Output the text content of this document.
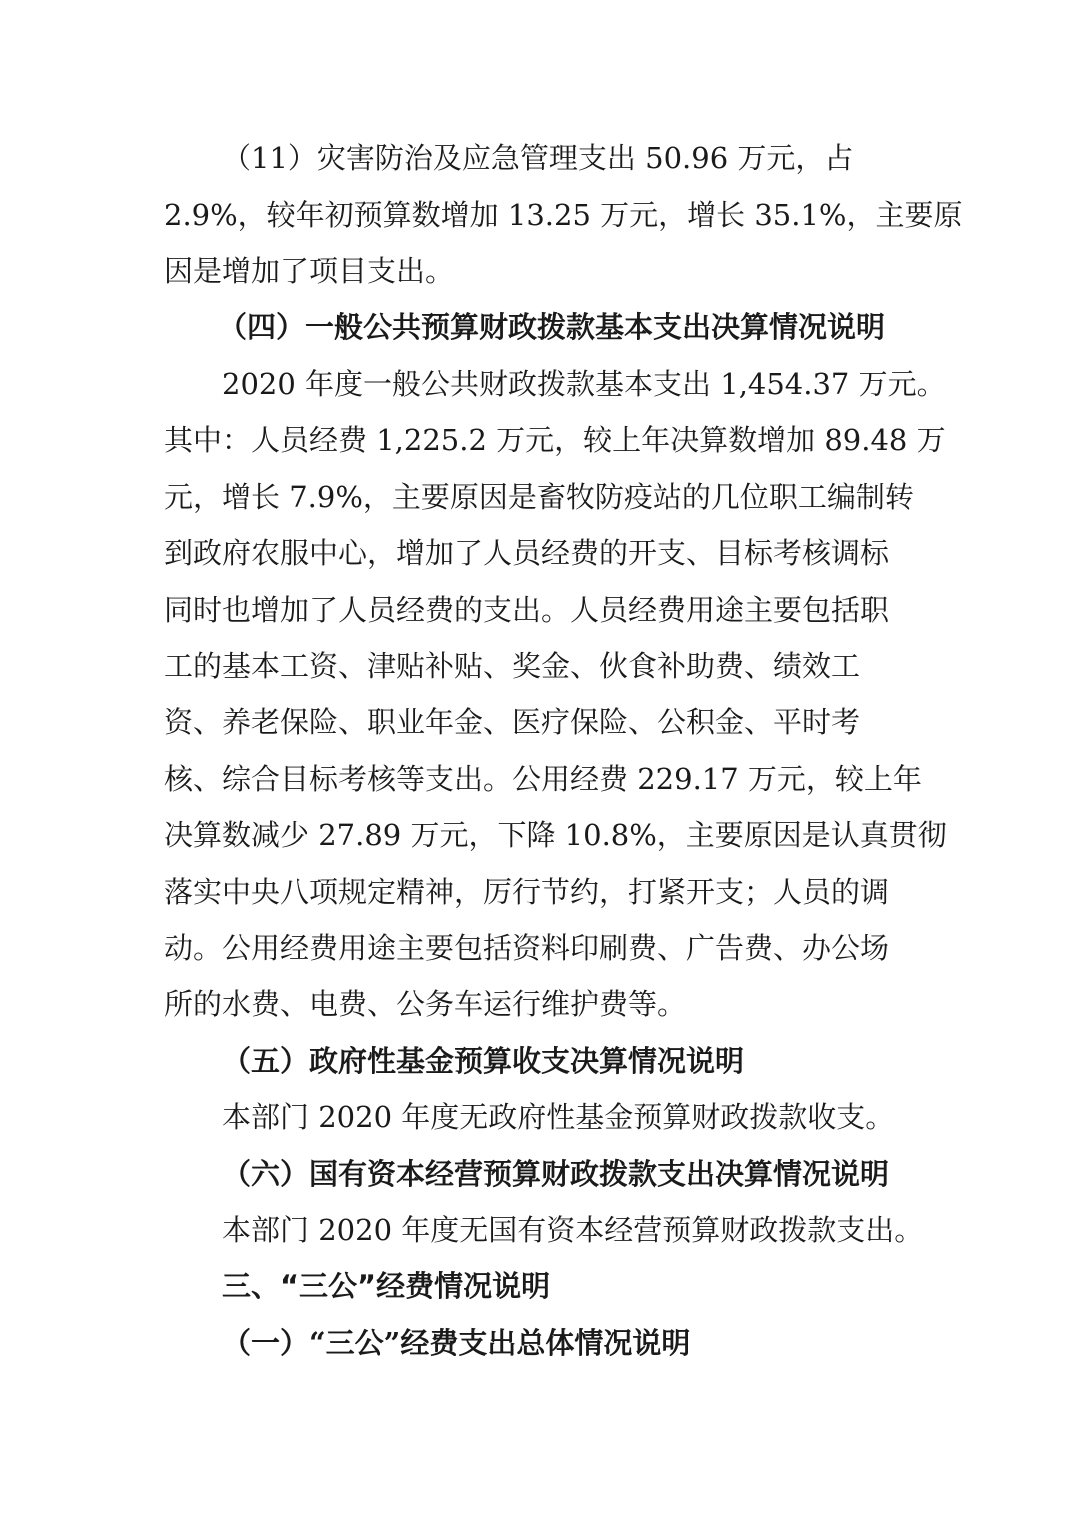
（11）灾害防治及应急管理支出 50.96 万元，占
2.9%，较年初预算数增加 13.25 万元，增长 35.1%，主要原
因是增加了项目支出。
（四）一般公共预算财政拨款基本支出决算情况说明
2020 年度一般公共财政拨款基本支出 1,454.37 万元。
其中：人员经费 1,225.2 万元，较上年决算数增加 89.48 万
元，增长 7.9%，主要原因是畜牧防疫站的几位职工编制转
到政府农服中心，增加了人员经费的开支、目标考核调标
同时也增加了人员经费的支出。人员经费用途主要包括职
工的基本工资、津贴补贴、奖金、伙食补助费、绩效工
资、养老保险、职业年金、医疗保险、公积金、平时考
核、综合目标考核等支出。公用经费 229.17 万元，较上年
决算数减少 27.89 万元，下降 10.8%，主要原因是认真贯彻
落实中央八项规定精神，厉行节约，打紧开支；人员的调
动。公用经费用途主要包括资料印刷费、广告费、办公场
所的水费、电费、公务车运行维护费等。
（五）政府性基金预算收支决算情况说明
本部门 2020 年度无政府性基金预算财政拨款收支。
（六）国有资本经营预算财政拨款支出决算情况说明
本部门 2020 年度无国有资本经营预算财政拨款支出。
三、“三公”经费情况说明
（一）“三公”经费支出总体情况说明
